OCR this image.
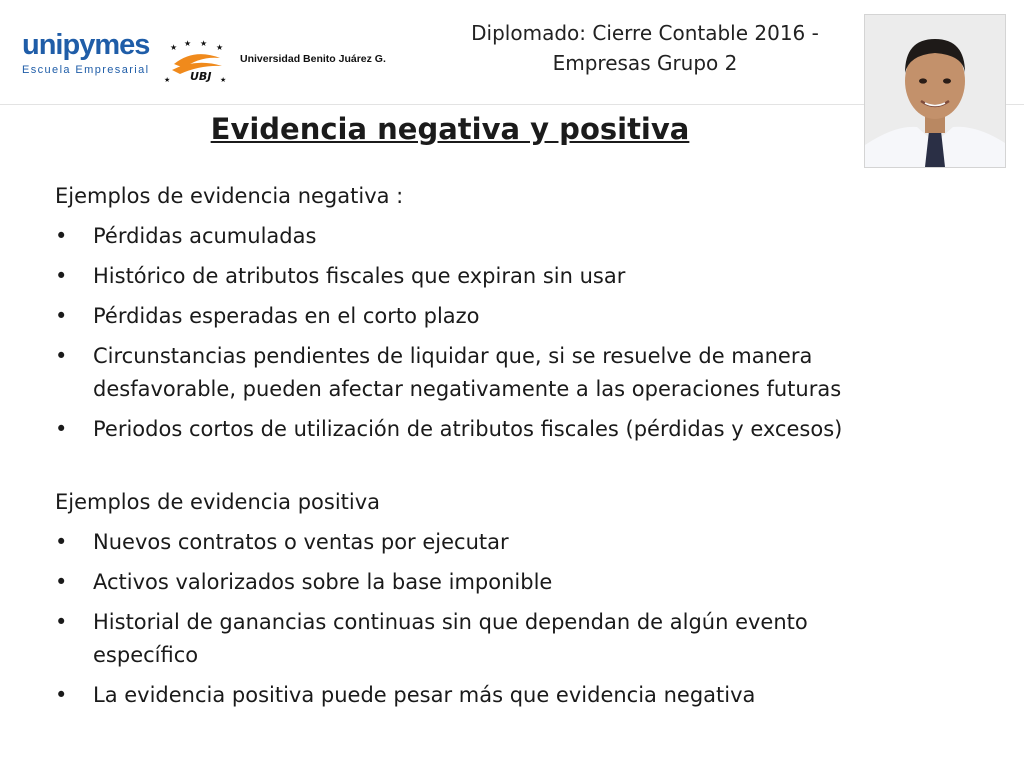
unipymes
Escuela Empresarial
★ ★ ★ ★
UBJ
★	★
Universidad Benito Juárez G.
Diplomado: Cierre Contable 2016 -
Empresas Grupo 2
Evidencia negativa y positiva
Ejemplos de evidencia negativa :
• Pérdidas acumuladas
• Histórico de atributos fiscales que expiran sin usar
• Pérdidas esperadas en el corto plazo
• Circunstancias pendientes de liquidar que, si se resuelve de manera desfavorable, pueden afectar negativamente a las operaciones futuras
• Periodos cortos de utilización de atributos fiscales (pérdidas y excesos)
Ejemplos de evidencia positiva
• Nuevos contratos o ventas por ejecutar
• Activos valorizados sobre la base imponible
• Historial de ganancias continuas sin que dependan de algún evento específico
• La evidencia positiva puede pesar más que evidencia negativa
